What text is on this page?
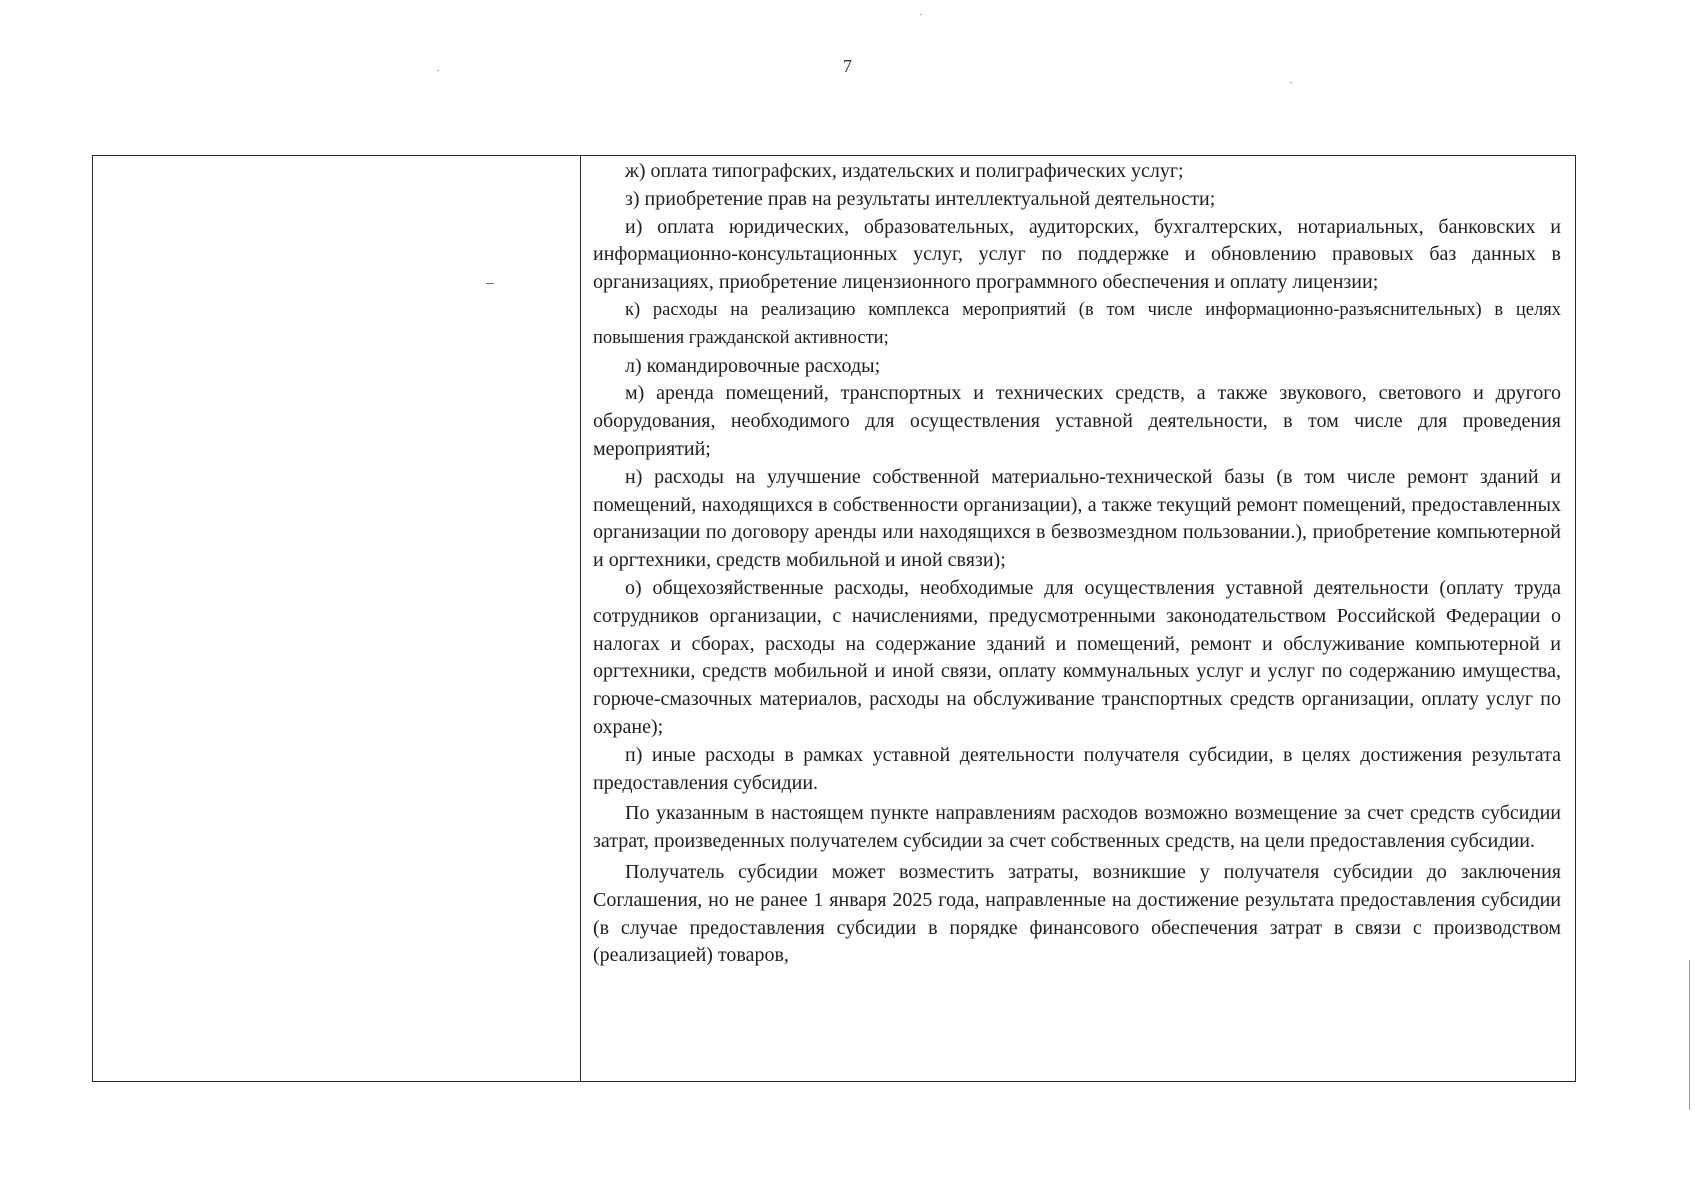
7

ж) оплата типографских, издательских и полиграфических услуг;

з) приобретение прав на результаты интеллектуальной деятельности;

и) оплата юридических, образовательных, аудиторских, бухгалтерских, нотариальных, банковских и информационно-консультационных услуг, услуг по поддержке и обновлению правовых баз данных в организациях, приобретение лицензионного программного обеспечения и оплату лицензии;

к) расходы на реализацию комплекса мероприятий (в том числе информационно-разъяснительных) в целях повышения гражданской активности;

л) командировочные расходы;

м) аренда помещений, транспортных и технических средств, а также звукового, светового и другого оборудования, необходимого для осуществления уставной деятельности, в том числе для проведения мероприятий;

н) расходы на улучшение собственной материально-технической базы (в том числе ремонт зданий и помещений, находящихся в собственности организации), а также текущий ремонт помещений, предоставленных организации по договору аренды или находящихся в безвозмездном пользовании.), приобретение компьютерной и оргтехники, средств мобильной и иной связи);

о) общехозяйственные расходы, необходимые для осуществления уставной деятельности (оплату труда сотрудников организации, с начислениями, предусмотренными законодательством Российской Федерации о налогах и сборах, расходы на содержание зданий и помещений, ремонт и обслуживание компьютерной и оргтехники, средств мобильной и иной связи, оплату коммунальных услуг и услуг по содержанию имущества, горюче-смазочных материалов, расходы на обслуживание транспортных средств организации, оплату услуг по охране);

п) иные расходы в рамках уставной деятельности получателя субсидии, в целях достижения результата предоставления субсидии.

По указанным в настоящем пункте направлениям расходов возможно возмещение за счет средств субсидии затрат, произведенных получателем субсидии за счет собственных средств, на цели предоставления субсидии.

Получатель субсидии может возместить затраты, возникшие у получателя субсидии до заключения Соглашения, но не ранее 1 января 2025 года, направленные на достижение результата предоставления субсидии (в случае предоставления субсидии в порядке финансового обеспечения затрат в связи с производством (реализацией) товаров,
